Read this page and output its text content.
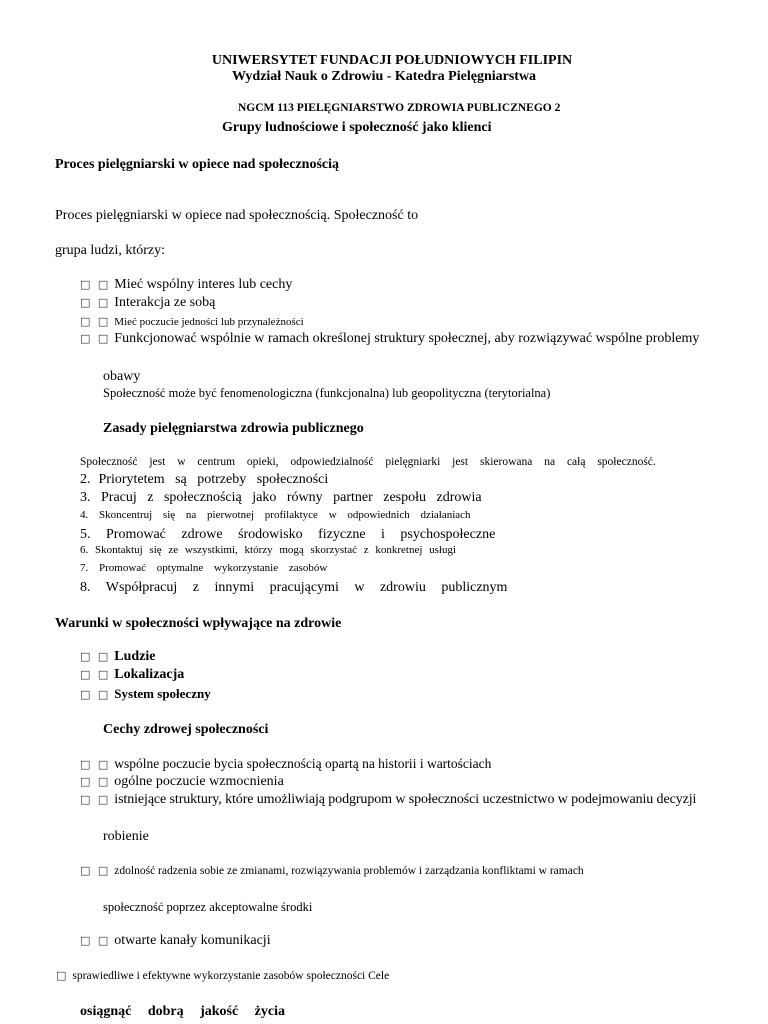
UNIWERSYTET FUNDACJI POŁUDNIOWYCH FILIPIN
Wydział Nauk o Zdrowiu - Katedra Pielęgniarstwa
NGCM 113 PIELĘGNIARSTWO ZDROWIA PUBLICZNEGO 2
Grupy ludnościowe i społeczność jako klienci
Proces pielęgniarski w opiece nad społecznością
Proces pielęgniarski w opiece nad społecznością. Społeczność to
grupa ludzi, którzy:
□ □ Mieć wspólny interes lub cechy
□ □ Interakcja ze sobą
□ □ Mieć poczucie jedności lub przynależności
□ □ Funkcjonować wspólnie w ramach określonej struktury społecznej, aby rozwiązywać wspólne problemy
obawy
Społeczność może być fenomenologiczna (funkcjonalna) lub geopolityczna (terytorialna)
Zasady pielęgniarstwa zdrowia publicznego
Społeczność jest w centrum opieki, odpowiedzialność pielęgniarki jest skierowana na całą społeczność.
2. Priorytetem są potrzeby społeczności
3. Pracuj z społecznością jako równy partner zespołu zdrowia
4. Skoncentruj się na pierwotnej profilaktyce w odpowiednich działaniach
5. Promować zdrowe środowisko fizyczne i psychospołeczne
6. Skontaktuj się ze wszystkimi, którzy mogą skorzystać z konkretnej usługi
7. Promować optymalne wykorzystanie zasobów
8. Współpracuj z innymi pracującymi w zdrowiu publicznym
Warunki w społeczności wpływające na zdrowie
□ □ Ludzie
□ □ Lokalizacja
□ □ System społeczny
Cechy zdrowej społeczności
□ □ wspólne poczucie bycia społecznością opartą na historii i wartościach
□ □ ogólne poczucie wzmocnienia
□ □ istniejące struktury, które umożliwiają podgrupom w społeczności uczestnictwo w podejmowaniu decyzji
robienie
□ □ zdolność radzenia sobie ze zmianami, rozwiązywania problemów i zarządzania konfliktami w ramach
społeczność poprzez akceptowalne środki
□ □ otwarte kanały komunikacji
□ sprawiedliwe i efektywne wykorzystanie zasobów społeczności Cele
osiągnąć dobrą jakość życia
